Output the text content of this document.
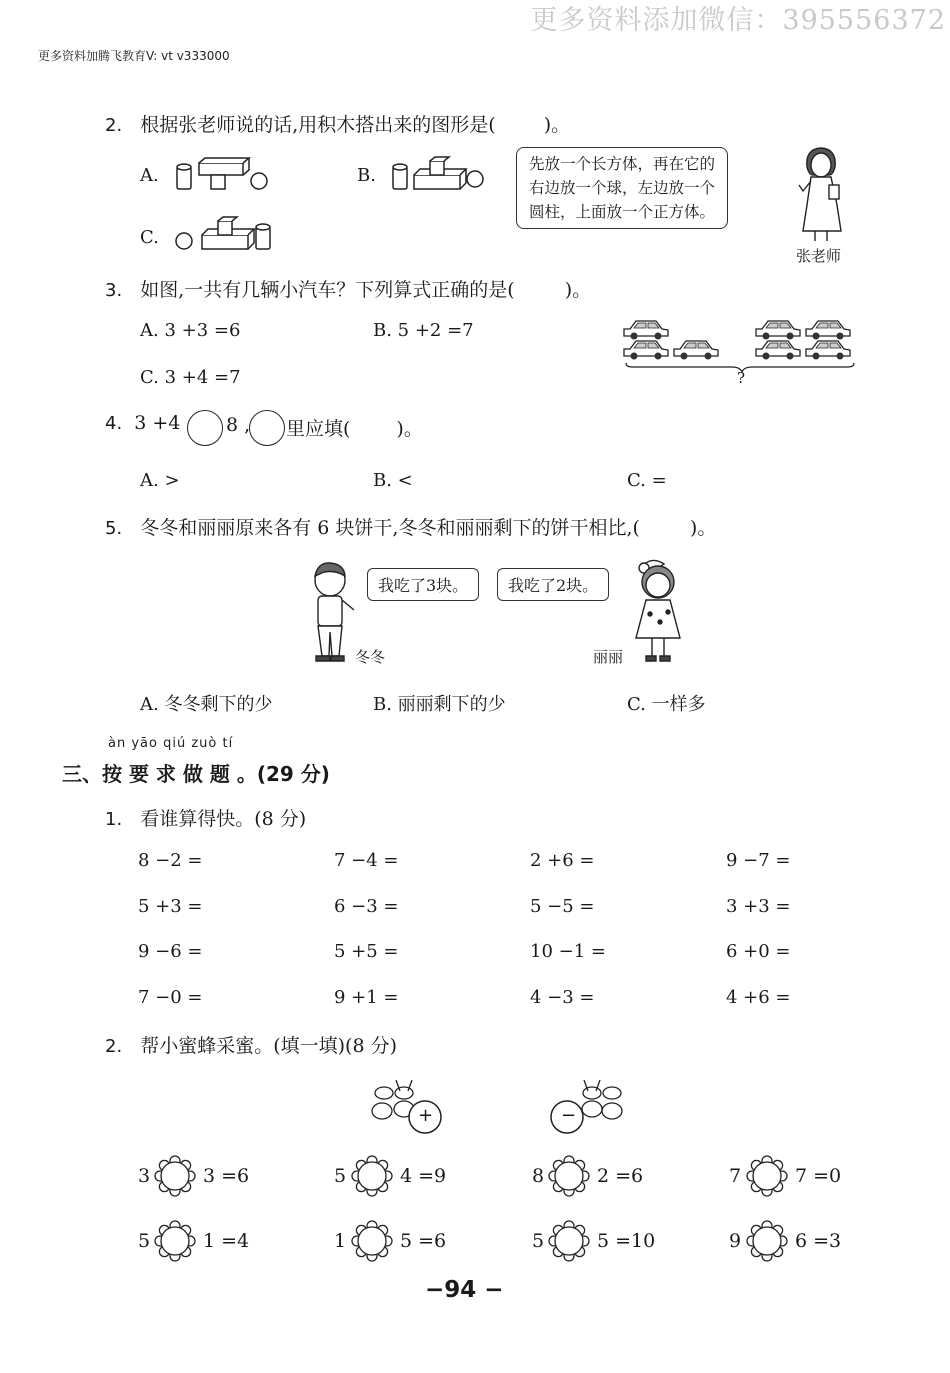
更多资料添加微信：395556372
更多资料加腾飞教育V: vt v333000
2. 根据张老师说的话,用积木搭出来的图形是(	)。
A.	B.
C.
先放一个长方体，再在它的
右边放一个球，左边放一个
圆柱，上面放一个正方体。
张老师
3. 如图,一共有几辆小汽车？下列算式正确的是(	)。
A. 3 +3 =6	B. 5 +2 =7
C. 3 +4 =7	?
4. 3 +4 8 , 里应填( )。
A. >	B. <	C. =
5. 冬冬和丽丽原来各有 6 块饼干,冬冬和丽丽剩下的饼干相比,(	)。
我吃了3块。	我吃了2块。
冬冬	丽丽
A. 冬冬剩下的少	B. 丽丽剩下的少	C. 一样多
àn yāo qiú zuò tí
三、按 要 求 做 题 。(29 分)
1. 看谁算得快。(8 分)
8 −2 =	7 −4 =	2 +6 =	9 −7 =
5 +3 =	6 −3 =	5 −5 =	3 +3 =
9 −6 =	5 +5 =	10 −1 =	6 +0 =
7 −0 =	9 +1 =	4 −3 =	4 +6 =
2. 帮小蜜蜂采蜜。(填一填)(8 分)
+	−
3	3 =6	5	4 =9	8	2 =6	7	7 =0
5	1 =4	1	5 =6	5	5 =10	9	6 =3
−94 −
